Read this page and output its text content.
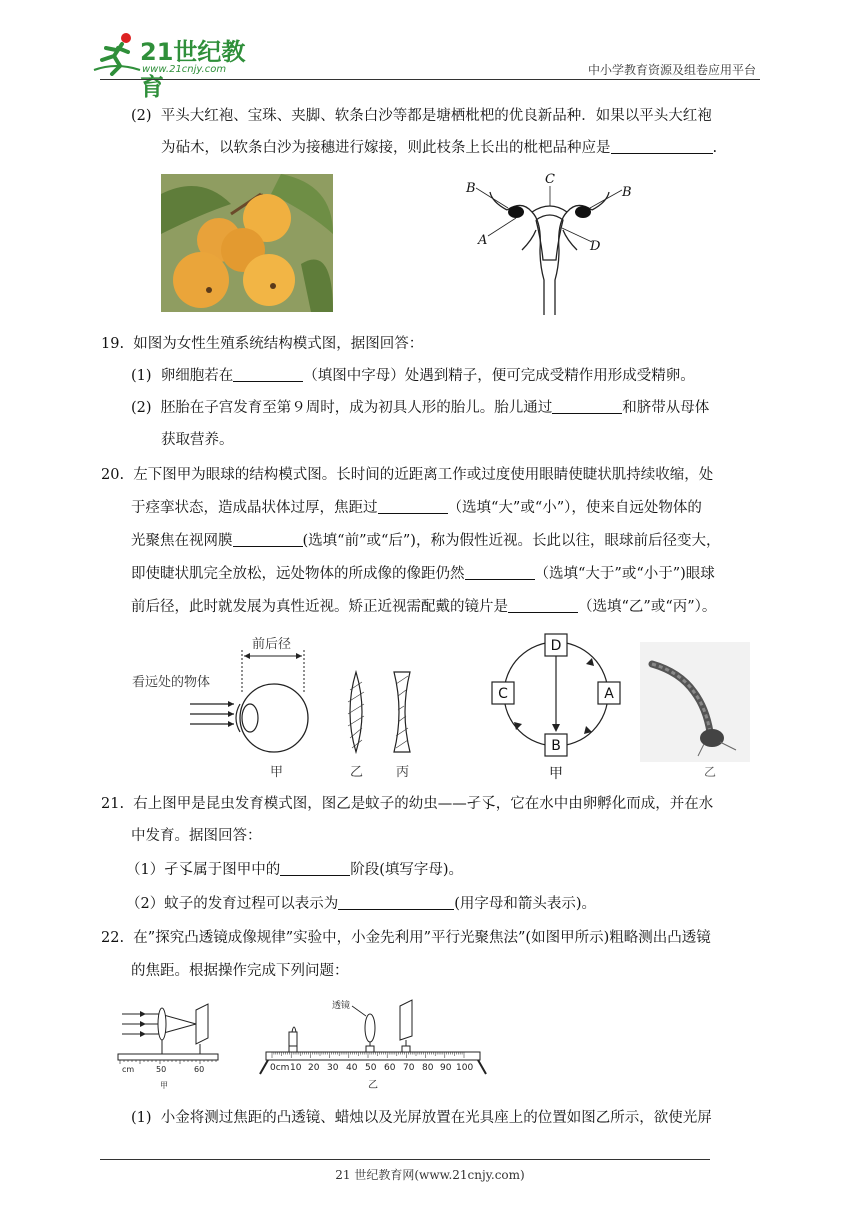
21世纪教育
www.21cnjy.com	中小学教育资源及组卷应用平台
(2) 平头大红袍、宝珠、夹脚、软条白沙等都是塘栖枇杷的优良新品种．如果以平头大红袍
为砧木，以软条白沙为接穗进行嫁接，则此枝条上长出的枇杷品种应是	.
B
C
B
A	D
19. 如图为女性生殖系统结构模式图，据图回答：
(1) 卵细胞若在	（填图中字母）处遇到精子，便可完成受精作用形成受精卵。
(2) 胚胎在子宫发育至第９周时，成为初具人形的胎儿。胎儿通过	和脐带从母体
获取营养。
20. 左下图甲为眼球的结构模式图。长时间的近距离工作或过度使用眼睛使睫状肌持续收缩，处
于痉挛状态，造成晶状体过厚，焦距过	（选填“大”或“小”），使来自远处物体的
光聚焦在视网膜	(选填“前”或“后”)，称为假性近视。长此以往，眼球前后径变大，
即使睫状肌完全放松，远处物体的所成像的像距仍然	（选填“大于”或“小于”)眼球
前后径，此时就发展为真性近视。矫正近视需配戴的镜片是	（选填“乙”或“丙”）。
前后径
看远处的物体
甲	乙	丙
D
A
B
C
甲	乙
21. 右上图甲是昆虫发育模式图，图乙是蚊子的幼虫——孑孓，它在水中由卵孵化而成，并在水
中发育。据图回答：
（1）孑孓属于图甲中的	阶段(填写字母)。
（2）蚊子的发育过程可以表示为	(用字母和箭头表示)。
22. 在”探究凸透镜成像规律”实验中，小金先利用”平行光聚焦法”(如图甲所示)粗略测出凸透镜
的焦距。根据操作完成下列问题：
cm	50	60
甲
透镜
0cm 10 20 30 40 50 60 70 80 90 100
乙
(1) 小金将测过焦距的凸透镜、蜡烛以及光屏放置在光具座上的位置如图乙所示，欲使光屏
21 世纪教育网(www.21cnjy.com)
